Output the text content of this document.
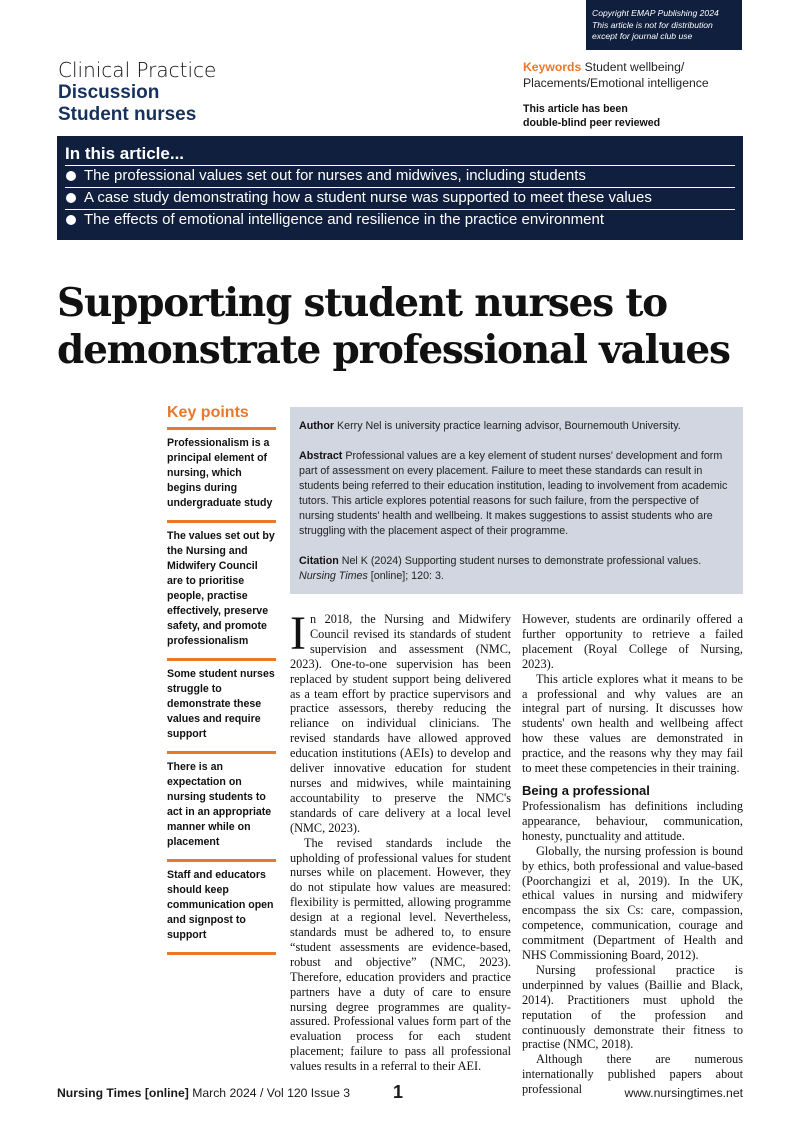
Copyright EMAP Publishing 2024
This article is not for distribution
except for journal club use
Clinical Practice
Discussion
Student nurses
Keywords Student wellbeing/ Placements/Emotional intelligence
This article has been
double-blind peer reviewed
In this article...
The professional values set out for nurses and midwives, including students
A case study demonstrating how a student nurse was supported to meet these values
The effects of emotional intelligence and resilience in the practice environment
Supporting student nurses to
demonstrate professional values
Key points
Professionalism is a principal element of nursing, which begins during undergraduate study
The values set out by the Nursing and Midwifery Council are to prioritise people, practise effectively, preserve safety, and promote professionalism
Some student nurses struggle to demonstrate these values and require support
There is an expectation on nursing students to act in an appropriate manner while on placement
Staff and educators should keep communication open and signpost to support

Author Kerry Nel is university practice learning advisor, Bournemouth University.

Abstract Professional values are a key element of student nurses' development and form part of assessment on every placement. Failure to meet these standards can result in students being referred to their education institution, leading to involvement from academic tutors. This article explores potential reasons for such failure, from the perspective of nursing students' health and wellbeing. It makes suggestions to assist students who are struggling with the placement aspect of their programme.

Citation Nel K (2024) Supporting student nurses to demonstrate professional values. Nursing Times [online]; 120: 3.

In 2018, the Nursing and Midwifery Council revised its standards of student supervision and assessment (NMC, 2023). One-to-one supervision has been replaced by student support being delivered as a team effort by practice supervisors and practice assessors, thereby reducing the reliance on individual clinicians. The revised standards have allowed approved education institutions (AEIs) to develop and deliver innovative education for student nurses and midwives, while maintaining accountability to preserve the NMC's standards of care delivery at a local level (NMC, 2023).

The revised standards include the upholding of professional values for student nurses while on placement. However, they do not stipulate how values are measured: flexibility is permitted, allowing programme design at a regional level. Nevertheless, standards must be adhered to, to ensure “student assessments are evidence-based, robust and objective” (NMC, 2023). Therefore, education providers and practice partners have a duty of care to ensure nursing degree programmes are quality-assured. Professional values form part of the evaluation process for each student placement; failure to pass all professional values results in a referral to their AEI.

However, students are ordinarily offered a further opportunity to retrieve a failed placement (Royal College of Nursing, 2023).

This article explores what it means to be a professional and why values are an integral part of nursing. It discusses how students' own health and wellbeing affect how these values are demonstrated in practice, and the reasons why they may fail to meet these competencies in their training.

Being a professional

Professionalism has definitions including appearance, behaviour, communication, honesty, punctuality and attitude.

Globally, the nursing profession is bound by ethics, both professional and value-based (Poorchangizi et al, 2019). In the UK, ethical values in nursing and midwifery encompass the six Cs: care, compassion, competence, communication, courage and commitment (Department of Health and NHS Commissioning Board, 2012).

Nursing professional practice is underpinned by values (Baillie and Black, 2014). Practitioners must uphold the reputation of the profession and continuously demonstrate their fitness to practise (NMC, 2018).

Although there are numerous internationally published papers about professional

Nursing Times [online] March 2024 / Vol 120 Issue 3 1	www.nursingtimes.net
